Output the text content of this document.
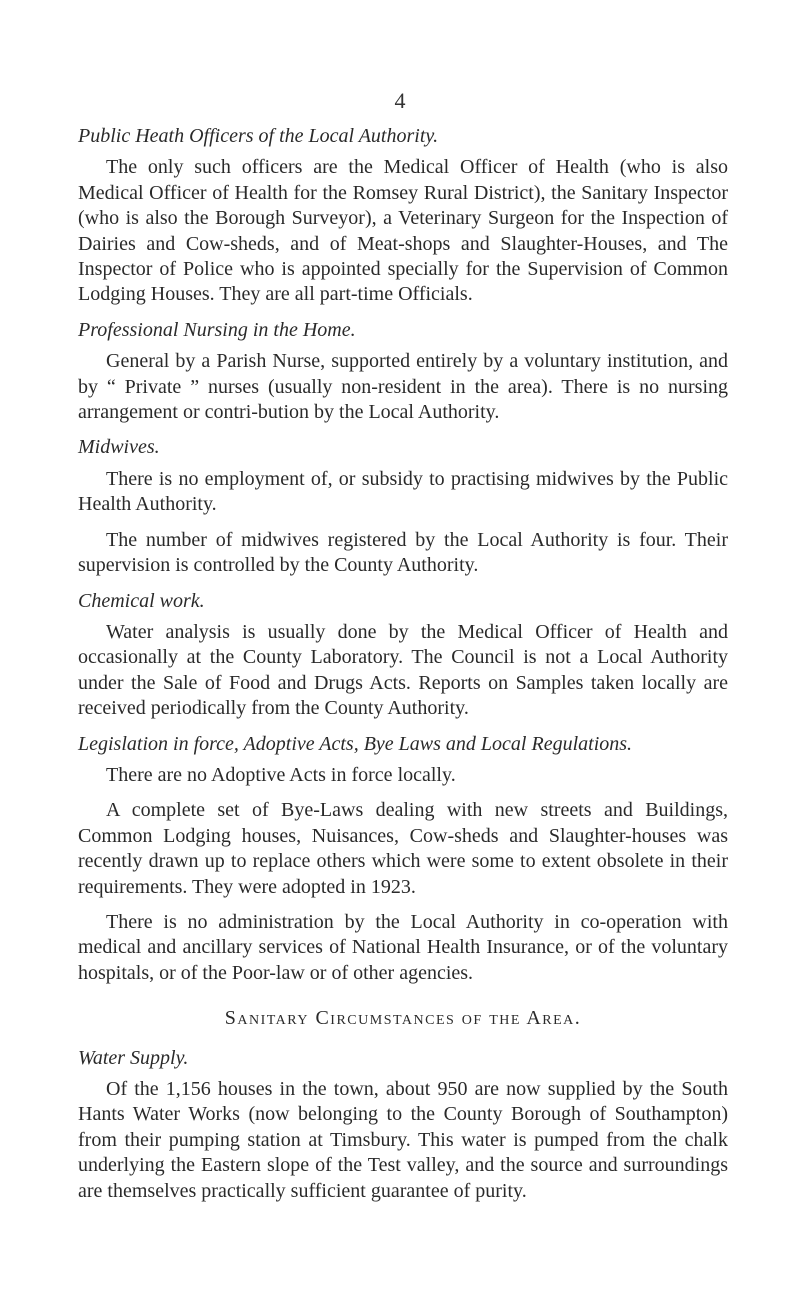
4
Public Heath Officers of the Local Authority.

The only such officers are the Medical Officer of Health (who is also Medical Officer of Health for the Romsey Rural District), the Sanitary Inspector (who is also the Borough Surveyor), a Veterinary Surgeon for the Inspection of Dairies and Cow-sheds, and of Meat-shops and Slaughter-Houses, and The Inspector of Police who is appointed specially for the Supervision of Common Lodging Houses. They are all part-time Officials.

Professional Nursing in the Home.

General by a Parish Nurse, supported entirely by a voluntary institution, and by “ Private ” nurses (usually non-resident in the area). There is no nursing arrangement or contri-bution by the Local Authority.

Midwives.

There is no employment of, or subsidy to practising midwives by the Public Health Authority.

The number of midwives registered by the Local Authority is four. Their supervision is controlled by the County Authority.

Chemical work.

Water analysis is usually done by the Medical Officer of Health and occasionally at the County Laboratory. The Council is not a Local Authority under the Sale of Food and Drugs Acts. Reports on Samples taken locally are received periodically from the County Authority.

Legislation in force, Adoptive Acts, Bye Laws and Local Regulations.

There are no Adoptive Acts in force locally.

A complete set of Bye-Laws dealing with new streets and Buildings, Common Lodging houses, Nuisances, Cow-sheds and Slaughter-houses was recently drawn up to replace others which were some to extent obsolete in their requirements. They were adopted in 1923.

There is no administration by the Local Authority in co-operation with medical and ancillary services of National Health Insurance, or of the voluntary hospitals, or of the Poor-law or of other agencies.

Sanitary Circumstances of the Area.
Water Supply.

Of the 1,156 houses in the town, about 950 are now supplied by the South Hants Water Works (now belonging to the County Borough of Southampton) from their pumping station at Timsbury. This water is pumped from the chalk underlying the Eastern slope of the Test valley, and the source and surroundings are themselves practically sufficient guarantee of purity.
